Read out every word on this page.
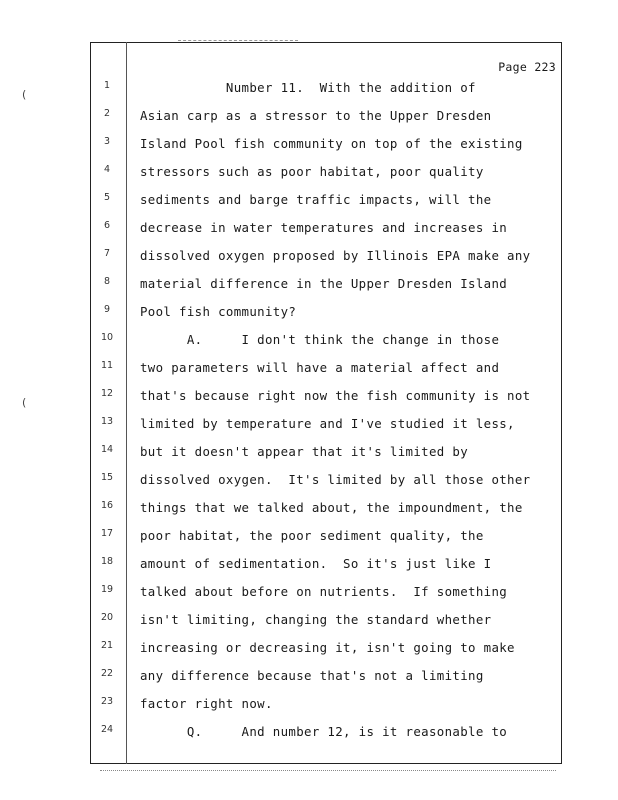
(
(
Page 223
1	Number 11.  With the addition of
2	Asian carp as a stressor to the Upper Dresden
3	Island Pool fish community on top of the existing
4	stressors such as poor habitat, poor quality
5	sediments and barge traffic impacts, will the
6	decrease in water temperatures and increases in
7	dissolved oxygen proposed by Illinois EPA make any
8	material difference in the Upper Dresden Island
9	Pool fish community?
10	A.     I don't think the change in those
11	two parameters will have a material affect and
12	that's because right now the fish community is not
13	limited by temperature and I've studied it less,
14	but it doesn't appear that it's limited by
15	dissolved oxygen.  It's limited by all those other
16	things that we talked about, the impoundment, the
17	poor habitat, the poor sediment quality, the
18	amount of sedimentation.  So it's just like I
19	talked about before on nutrients.  If something
20	isn't limiting, changing the standard whether
21	increasing or decreasing it, isn't going to make
22	any difference because that's not a limiting
23	factor right now.
24	Q.     And number 12, is it reasonable to
